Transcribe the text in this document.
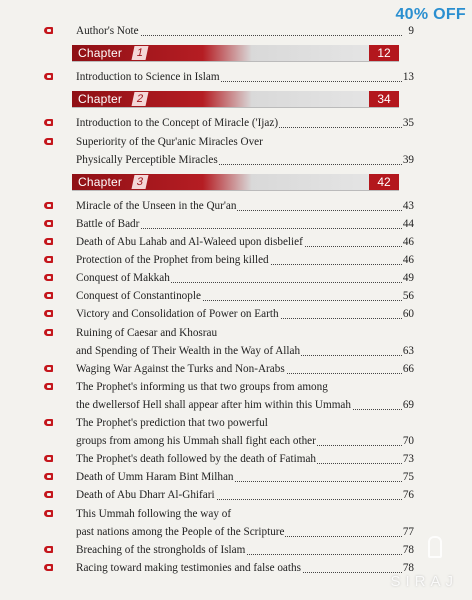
Author's Note	9
Chapter	1	12
Introduction to Science in Islam	13
Chapter	2	34
Introduction to the Concept of Miracle ('Ijaz)	35
Superiority of the Qur'anic Miracles Over
Physically Perceptible Miracles	39
Chapter	3	42
Miracle of the Unseen in the Qur'an	43
Battle of Badr	44
Death of Abu Lahab and Al-Waleed upon disbelief	46
Protection of the Prophet from being killed	46
Conquest of Makkah	49
Conquest of Constantinople	56
Victory and Consolidation of Power on Earth	60
Ruining of Caesar and Khosrau
and Spending of Their Wealth in the Way of Allah	63
Waging War Against the Turks and Non-Arabs	66
The Prophet's informing us that two groups from among
the dwellersof Hell shall appear after him within this Ummah	69
The Prophet's prediction that two powerful
groups from among his Ummah shall fight each other	70
The Prophet's death followed by the death of Fatimah	73
Death of Umm Haram Bint Milhan	75
Death of Abu Dharr Al-Ghifari	76
This Ummah following the way of
past nations among the People of the Scripture	77
Breaching of the strongholds of Islam	78
Racing toward making testimonies and false oaths	78
40% OFF
SIRAJ
